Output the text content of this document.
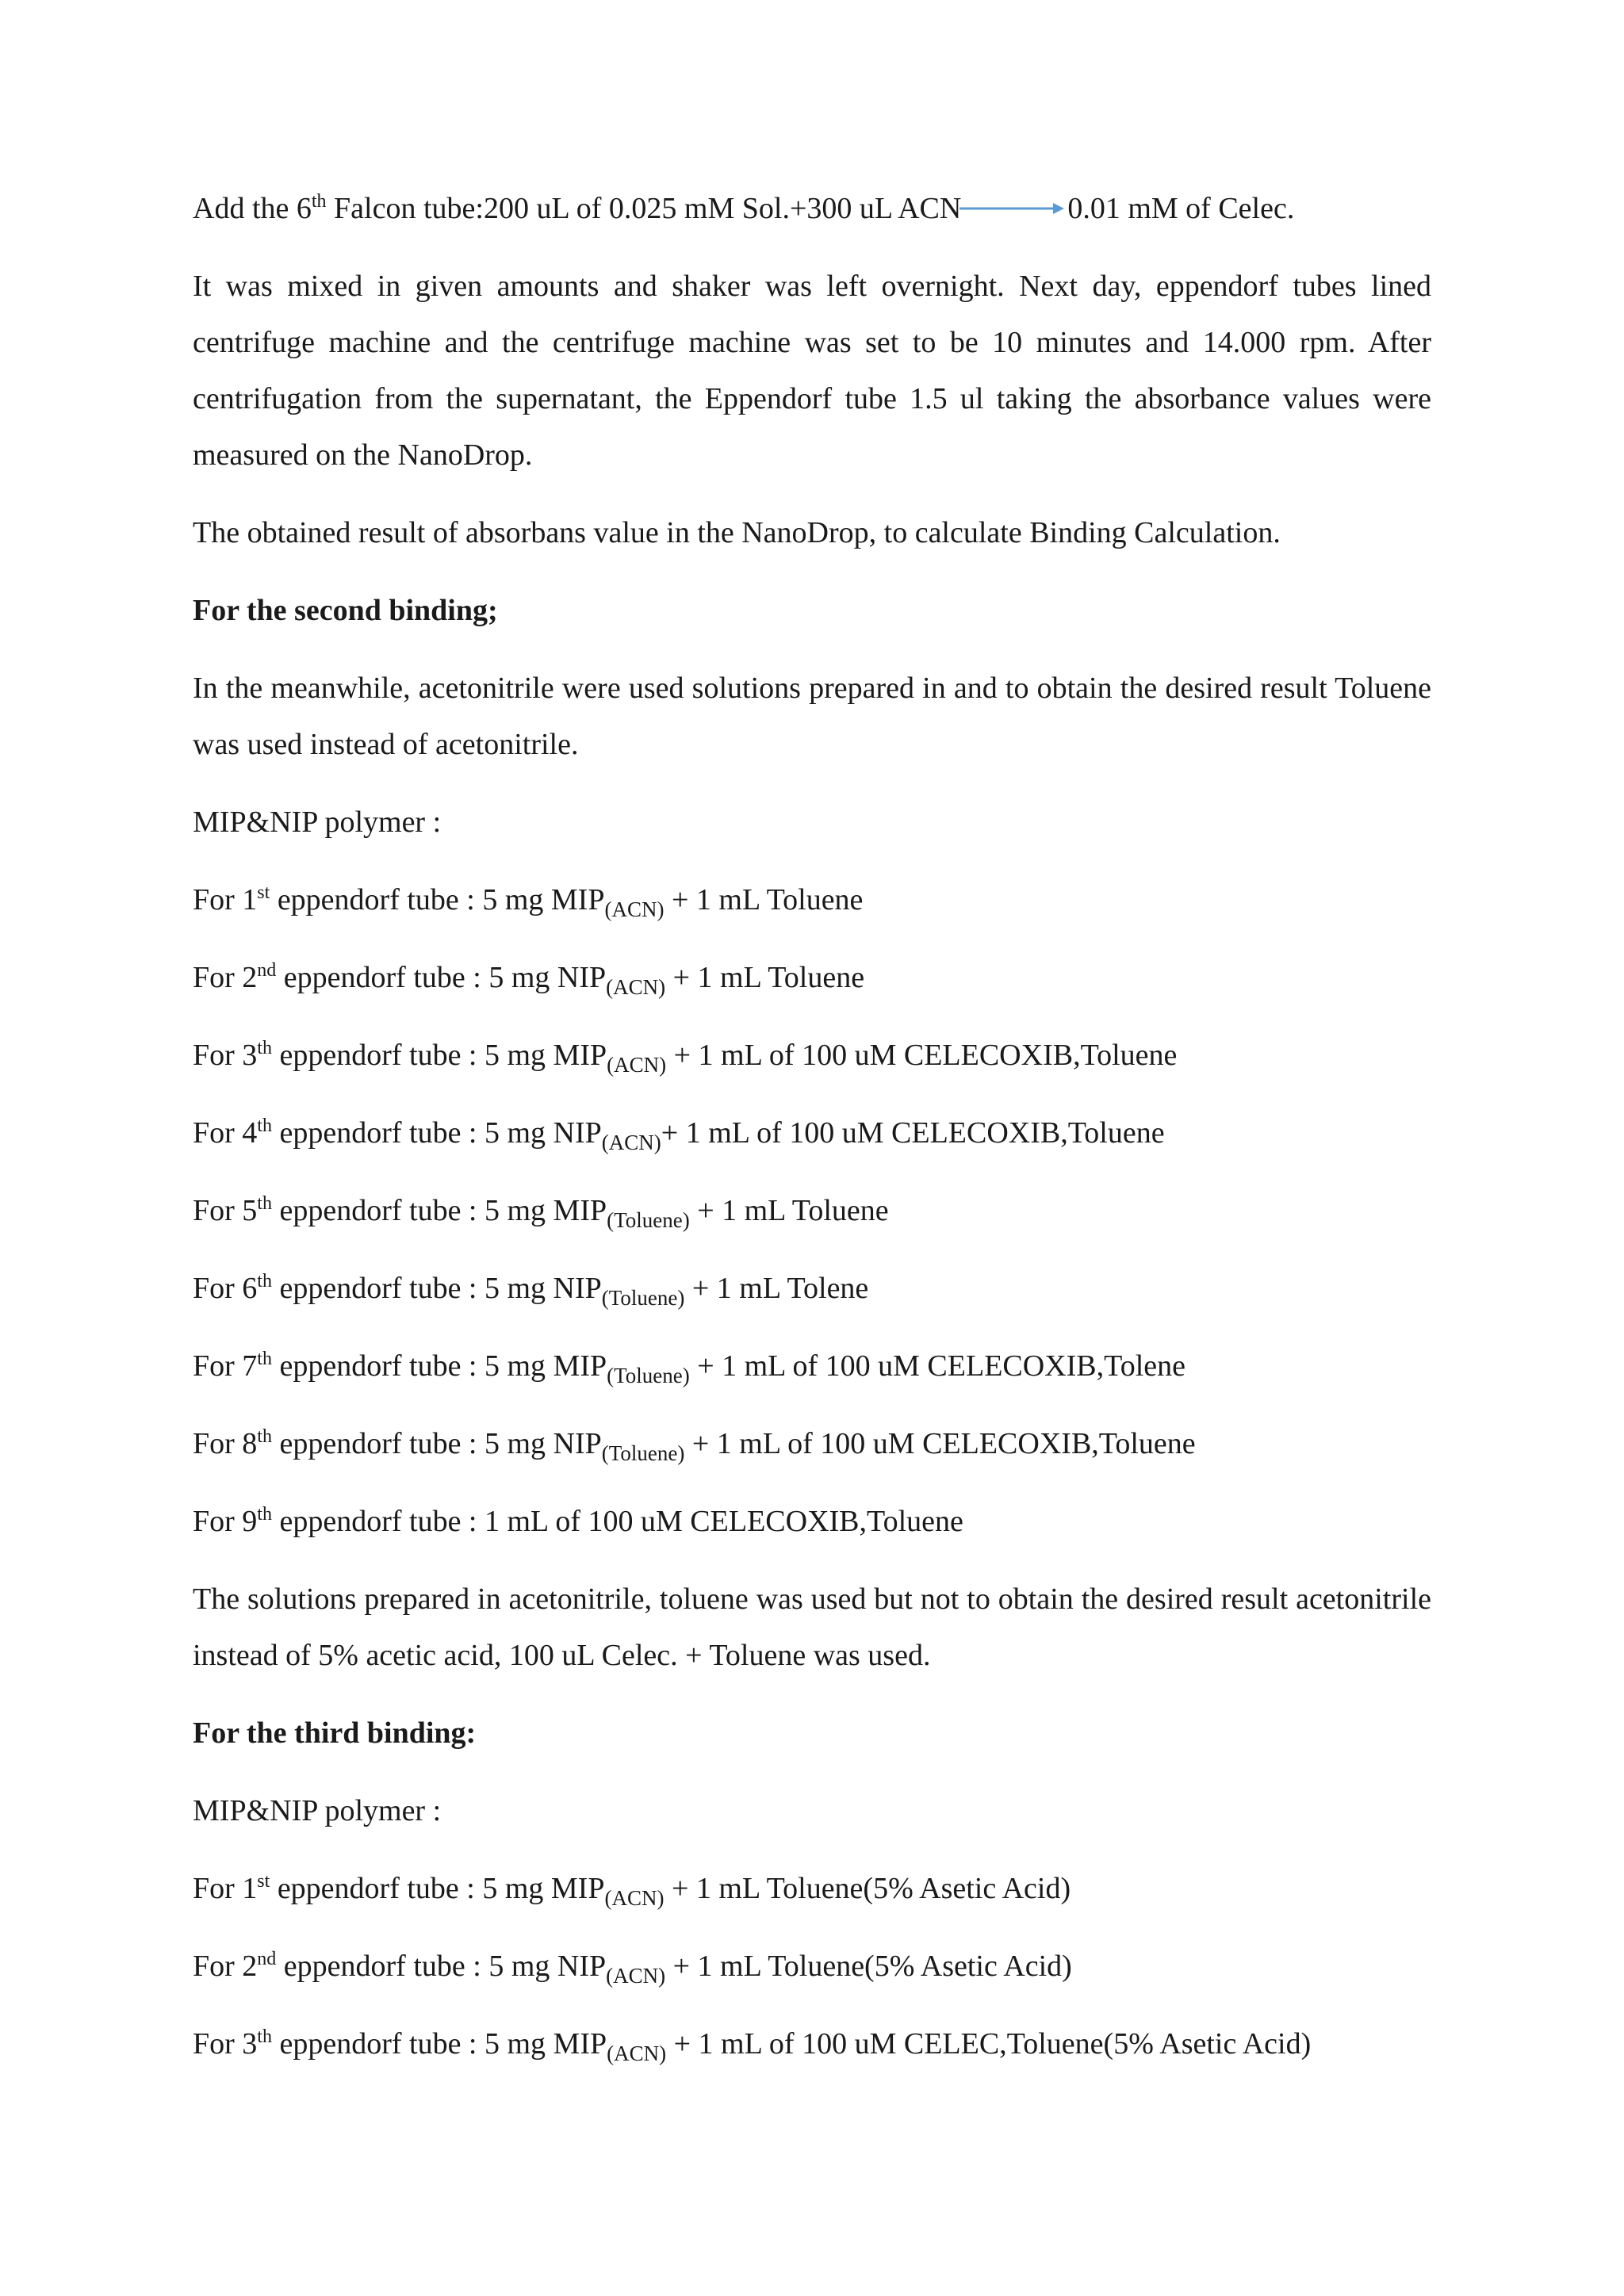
Add the 6th Falcon tube:200 uL of 0.025 mM Sol.+300 uL ACN	0.01 mM of Celec.

It was mixed in given amounts and shaker was left overnight. Next day, eppendorf tubes lined centrifuge machine and the centrifuge machine was set to be 10 minutes and 14.000 rpm. After centrifugation from the supernatant, the Eppendorf tube 1.5 ul taking the absorbance values were measured on the NanoDrop.

The obtained result of absorbans value in the NanoDrop, to calculate Binding Calculation.

For the second binding;

In the meanwhile, acetonitrile were used solutions prepared in and to obtain the desired result Toluene was used instead of acetonitrile.

MIP&NIP polymer :

For 1st eppendorf tube : 5 mg $MIP_{(ACN)} + 1$ mL Toluene

For 2nd eppendorf tube : 5 mg $NIP_{(ACN)} + 1$ mL Toluene

For 3th eppendorf tube : 5 mg $MIP_{(ACN)} + 1$ mL of 100 uM CELECOXIB,Toluene

For 4th eppendorf tube : 5 mg $NIP_{(ACN)}+ 1$ mL of 100 uM CELECOXIB,Toluene

For 5th eppendorf tube : 5 mg $MIP_{(Toluene)} + 1$ mL Toluene

For 6th eppendorf tube : 5 mg $NIP_{(Toluene)} + 1$ mL Tolene

For 7th eppendorf tube : 5 mg $MIP_{(Toluene)} + 1$ mL of 100 uM CELECOXIB,Tolene

For 8th eppendorf tube : 5 mg $NIP_{(Toluene)} + 1$ mL of 100 uM CELECOXIB,Toluene

For 9th eppendorf tube : 1 mL of 100 uM CELECOXIB,Toluene

The solutions prepared in acetonitrile, toluene was used but not to obtain the desired result acetonitrile instead of 5% acetic acid, 100 uL Celec. + Toluene was used.

For the third binding:

MIP&NIP polymer :

For 1st eppendorf tube : 5 mg $MIP_{(ACN)} + 1$ mL Toluene(5% Asetic Acid)

For 2nd eppendorf tube : 5 mg $NIP_{(ACN)} + 1$ mL Toluene(5% Asetic Acid)

For 3th eppendorf tube : 5 mg $MIP_{(ACN)} + 1$ mL of 100 uM CELEC,Toluene(5% Asetic Acid)
